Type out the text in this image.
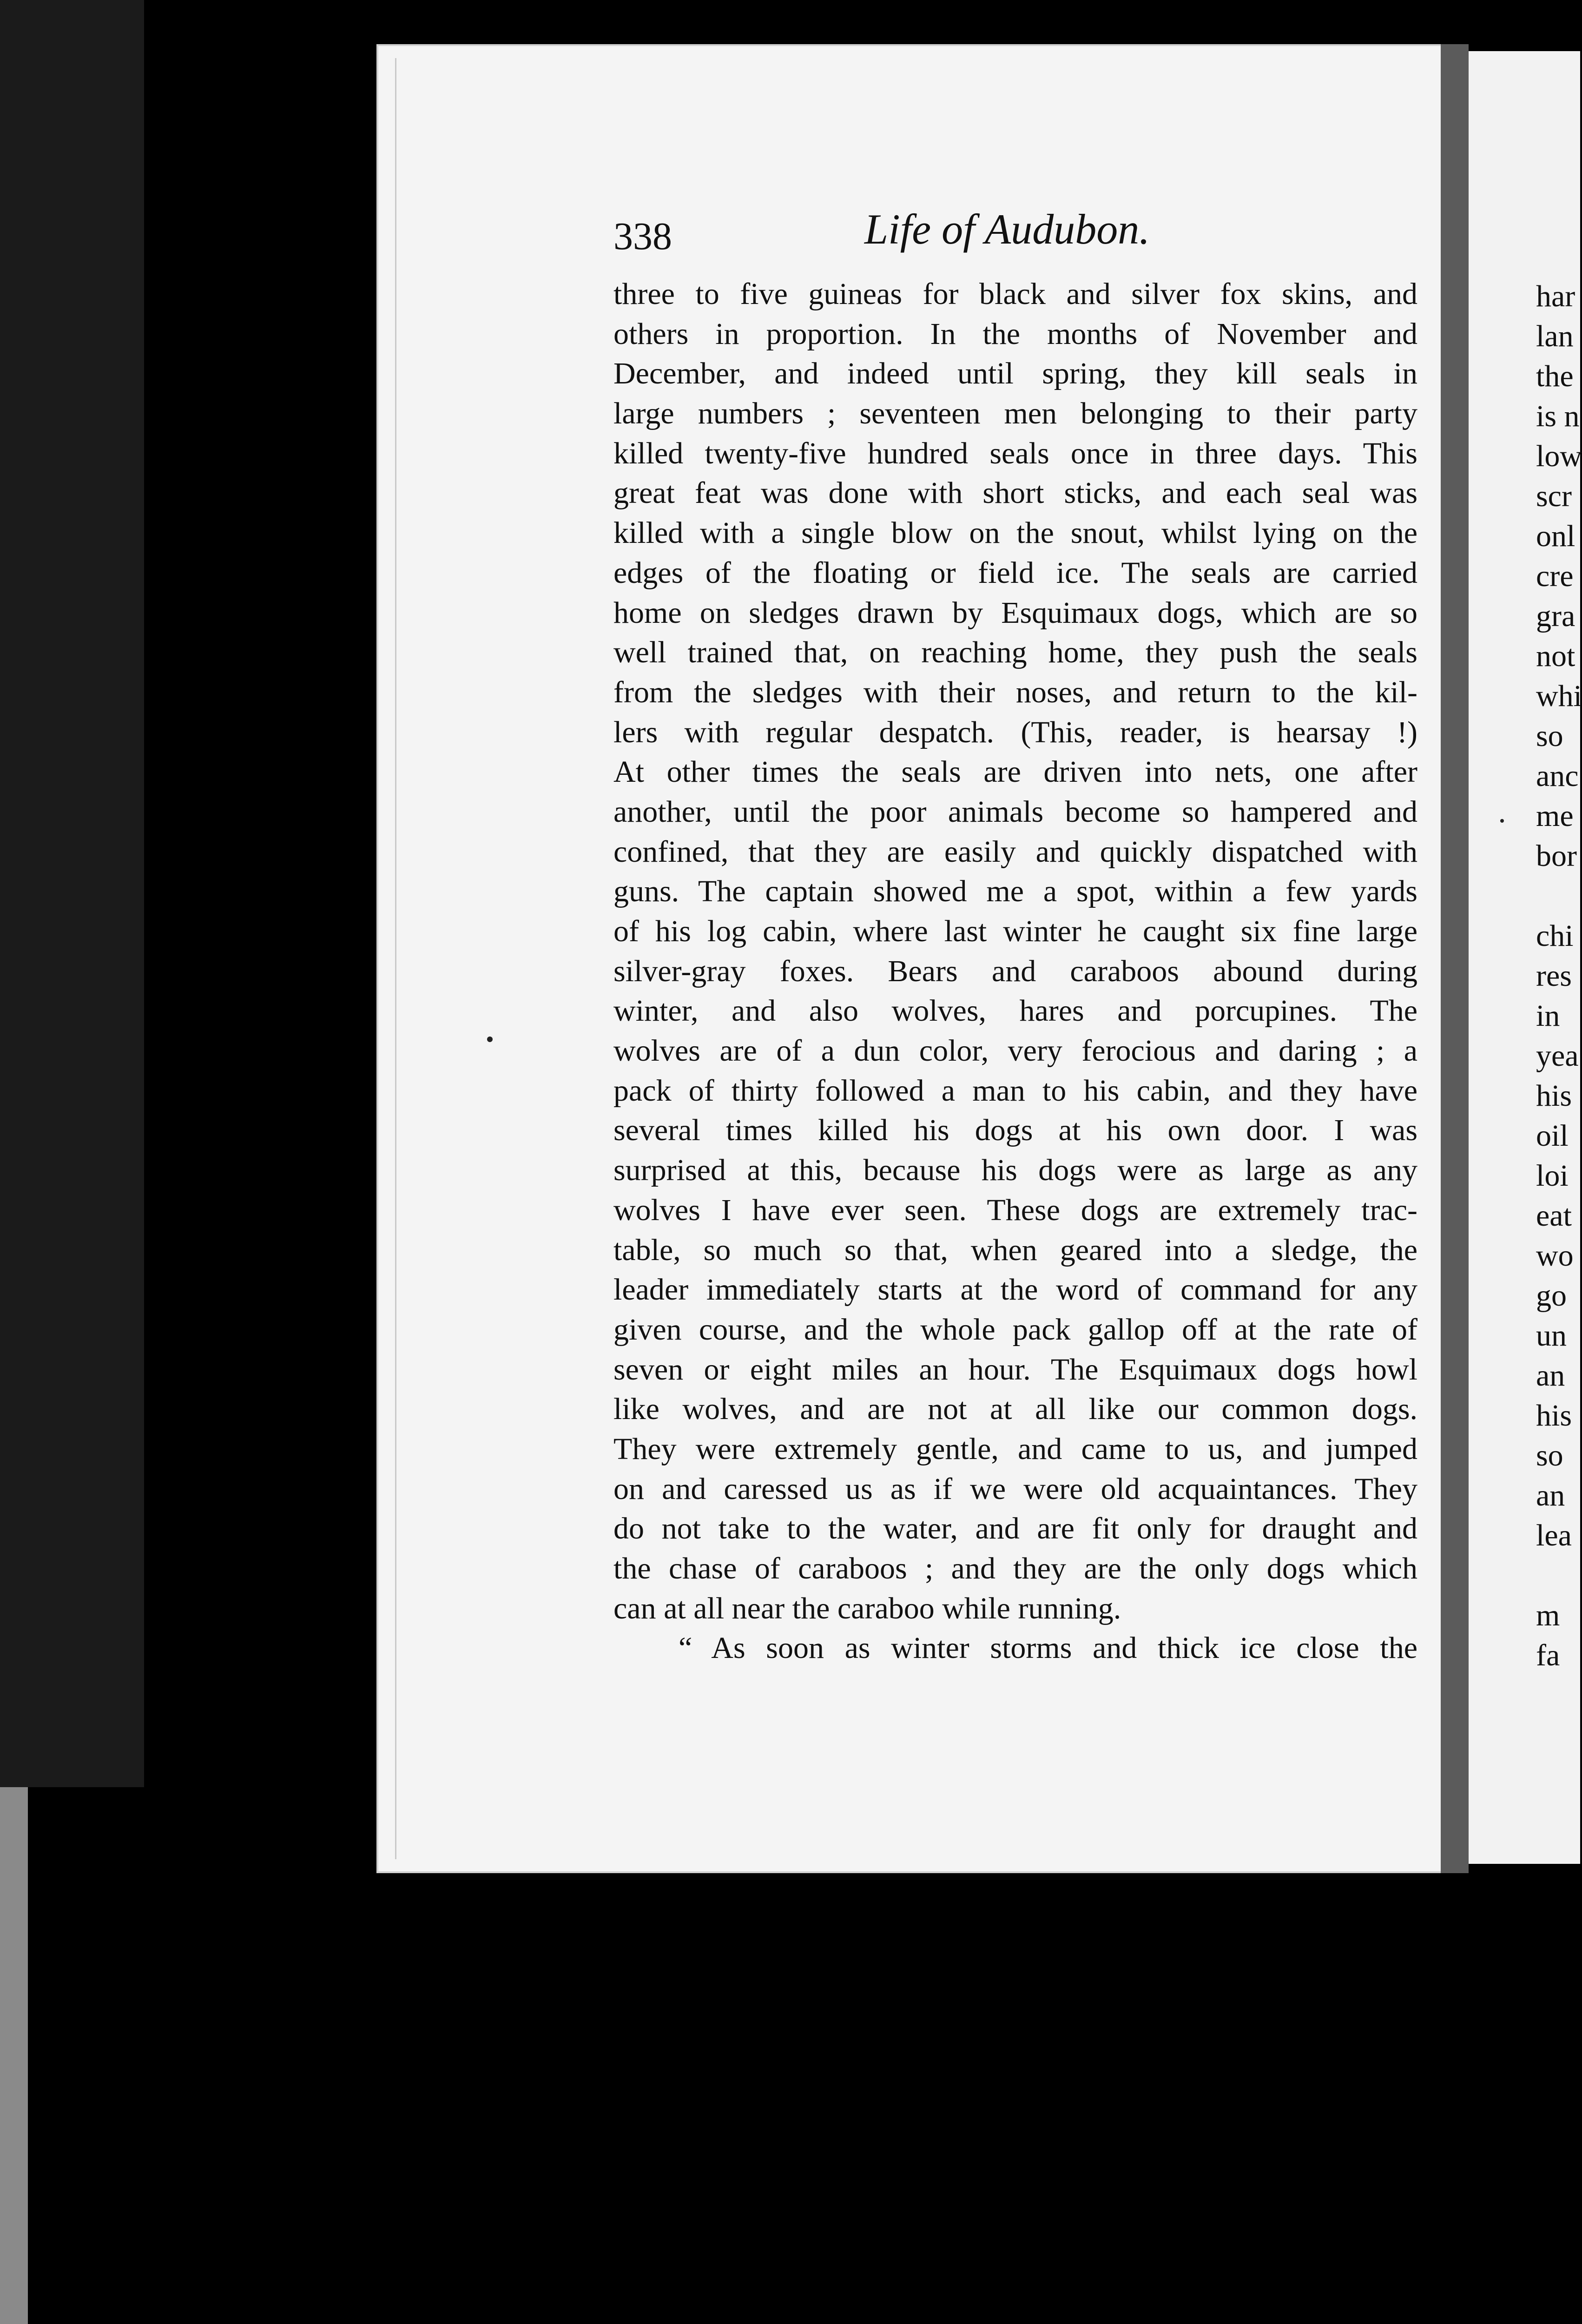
338	Life of Audubon.
three to five guineas for black and silver fox skins, and
others in proportion. In the months of November and
December, and indeed until spring, they kill seals in
large numbers ; seventeen men belonging to their party
killed twenty-five hundred seals once in three days. This
great feat was done with short sticks, and each seal was
killed with a single blow on the snout, whilst lying on the
edges of the floating or field ice. The seals are carried
home on sledges drawn by Esquimaux dogs, which are so
well trained that, on reaching home, they push the seals
from the sledges with their noses, and return to the kil-
lers with regular despatch. (This, reader, is hearsay !)
At other times the seals are driven into nets, one after
another, until the poor animals become so hampered and
confined, that they are easily and quickly dispatched with
guns. The captain showed me a spot, within a few yards
of his log cabin, where last winter he caught six fine large
silver-gray foxes. Bears and caraboos abound during
winter, and also wolves, hares and porcupines. The
wolves are of a dun color, very ferocious and daring ; a
pack of thirty followed a man to his cabin, and they have
several times killed his dogs at his own door. I was
surprised at this, because his dogs were as large as any
wolves I have ever seen. These dogs are extremely trac-
table, so much so that, when geared into a sledge, the
leader immediately starts at the word of command for any
given course, and the whole pack gallop off at the rate of
seven or eight miles an hour. The Esquimaux dogs howl
like wolves, and are not at all like our common dogs.
They were extremely gentle, and came to us, and jumped
on and caressed us as if we were old acquaintances. They
do not take to the water, and are fit only for draught and
the chase of caraboos ; and they are the only dogs which
can at all near the caraboo while running.
“ As soon as winter storms and thick ice close the
har
lan
the
is n
low
scr
onl
cre
gra
not
whi
so
anc
me
bor
chi
res
in
yea
his
oil
loi
eat
wo
go
un
an
his
so
an
lea
m
fa
